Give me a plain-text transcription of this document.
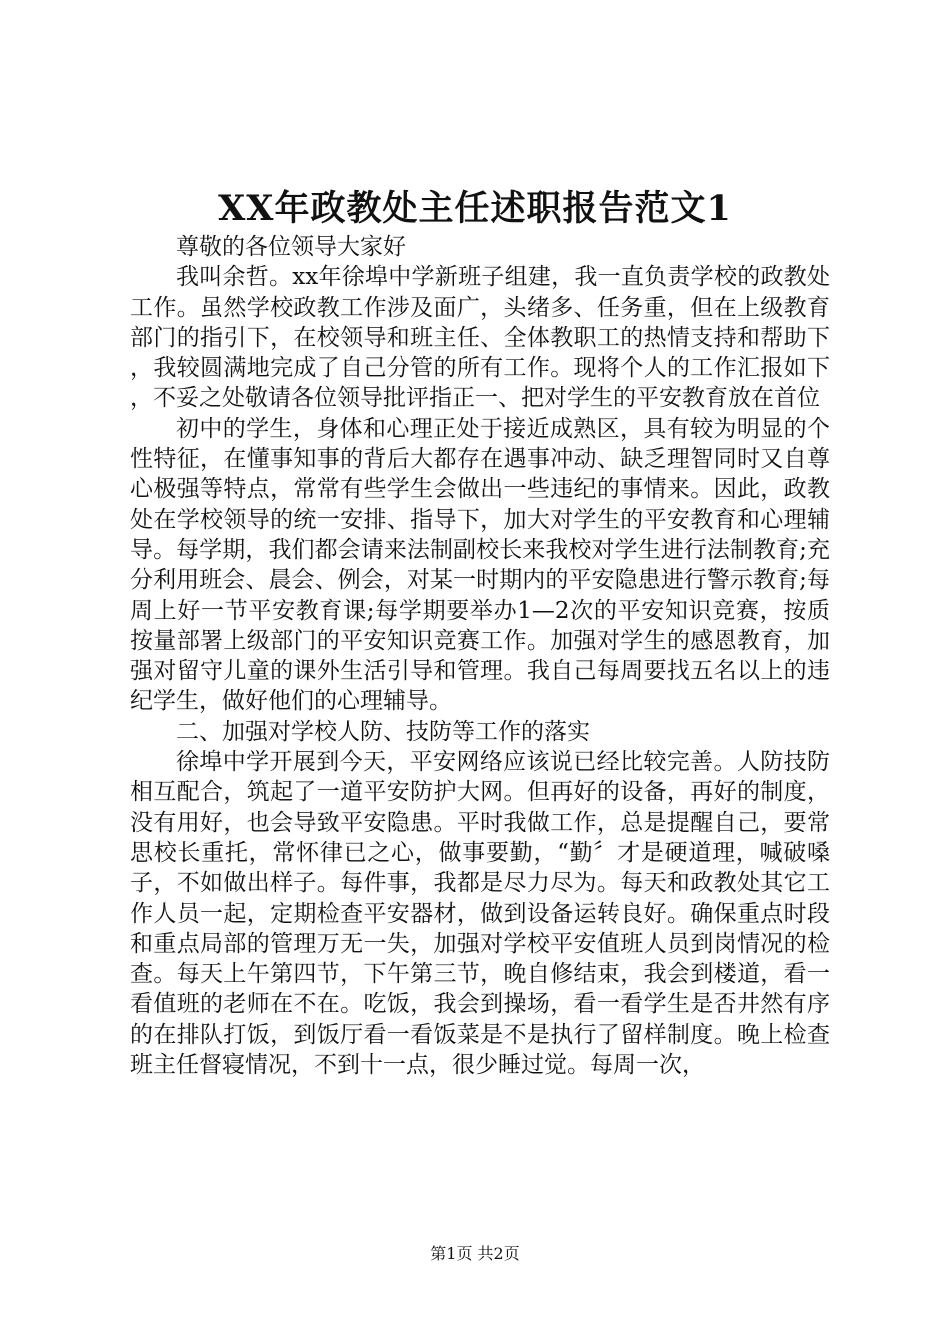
XX年政教处主任述职报告范文1

尊敬的各位领导大家好

我叫余哲。xx年徐埠中学新班子组建，我一直负责学校的政教处工作。虽然学校政教工作涉及面广，头绪多、任务重，但在上级教育部门的指引下，在校领导和班主任、全体教职工的热情支持和帮助下，我较圆满地完成了自己分管的所有工作。现将个人的工作汇报如下，不妥之处敬请各位领导批评指正一、把对学生的平安教育放在首位

初中的学生，身体和心理正处于接近成熟区，具有较为明显的个性特征，在懂事知事的背后大都存在遇事冲动、缺乏理智同时又自尊心极强等特点，常常有些学生会做出一些违纪的事情来。因此，政教处在学校领导的统一安排、指导下，加大对学生的平安教育和心理辅导。每学期，我们都会请来法制副校长来我校对学生进行法制教育;充分利用班会、晨会、例会，对某一时期内的平安隐患进行警示教育;每周上好一节平安教育课;每学期要举办1—2次的平安知识竞赛，按质按量部署上级部门的平安知识竞赛工作。加强对学生的感恩教育，加强对留守儿童的课外生活引导和管理。我自己每周要找五名以上的违纪学生，做好他们的心理辅导。

二、加强对学校人防、技防等工作的落实

徐埠中学开展到今天，平安网络应该说已经比较完善。人防技防相互配合，筑起了一道平安防护大网。但再好的设备，再好的制度，没有用好，也会导致平安隐患。平时我做工作，总是提醒自己，要常思校长重托，常怀律已之心，做事要勤，“勤〞才是硬道理，喊破嗓子，不如做出样子。每件事，我都是尽力尽为。每天和政教处其它工作人员一起，定期检查平安器材，做到设备运转良好。确保重点时段和重点局部的管理万无一失，加强对学校平安值班人员到岗情况的检查。每天上午第四节，下午第三节，晚自修结束，我会到楼道，看一看值班的老师在不在。吃饭，我会到操场，看一看学生是否井然有序的在排队打饭，到饭厅看一看饭菜是不是执行了留样制度。晚上检查班主任督寝情况，不到十一点，很少睡过觉。每周一次，

第1页 共2页
